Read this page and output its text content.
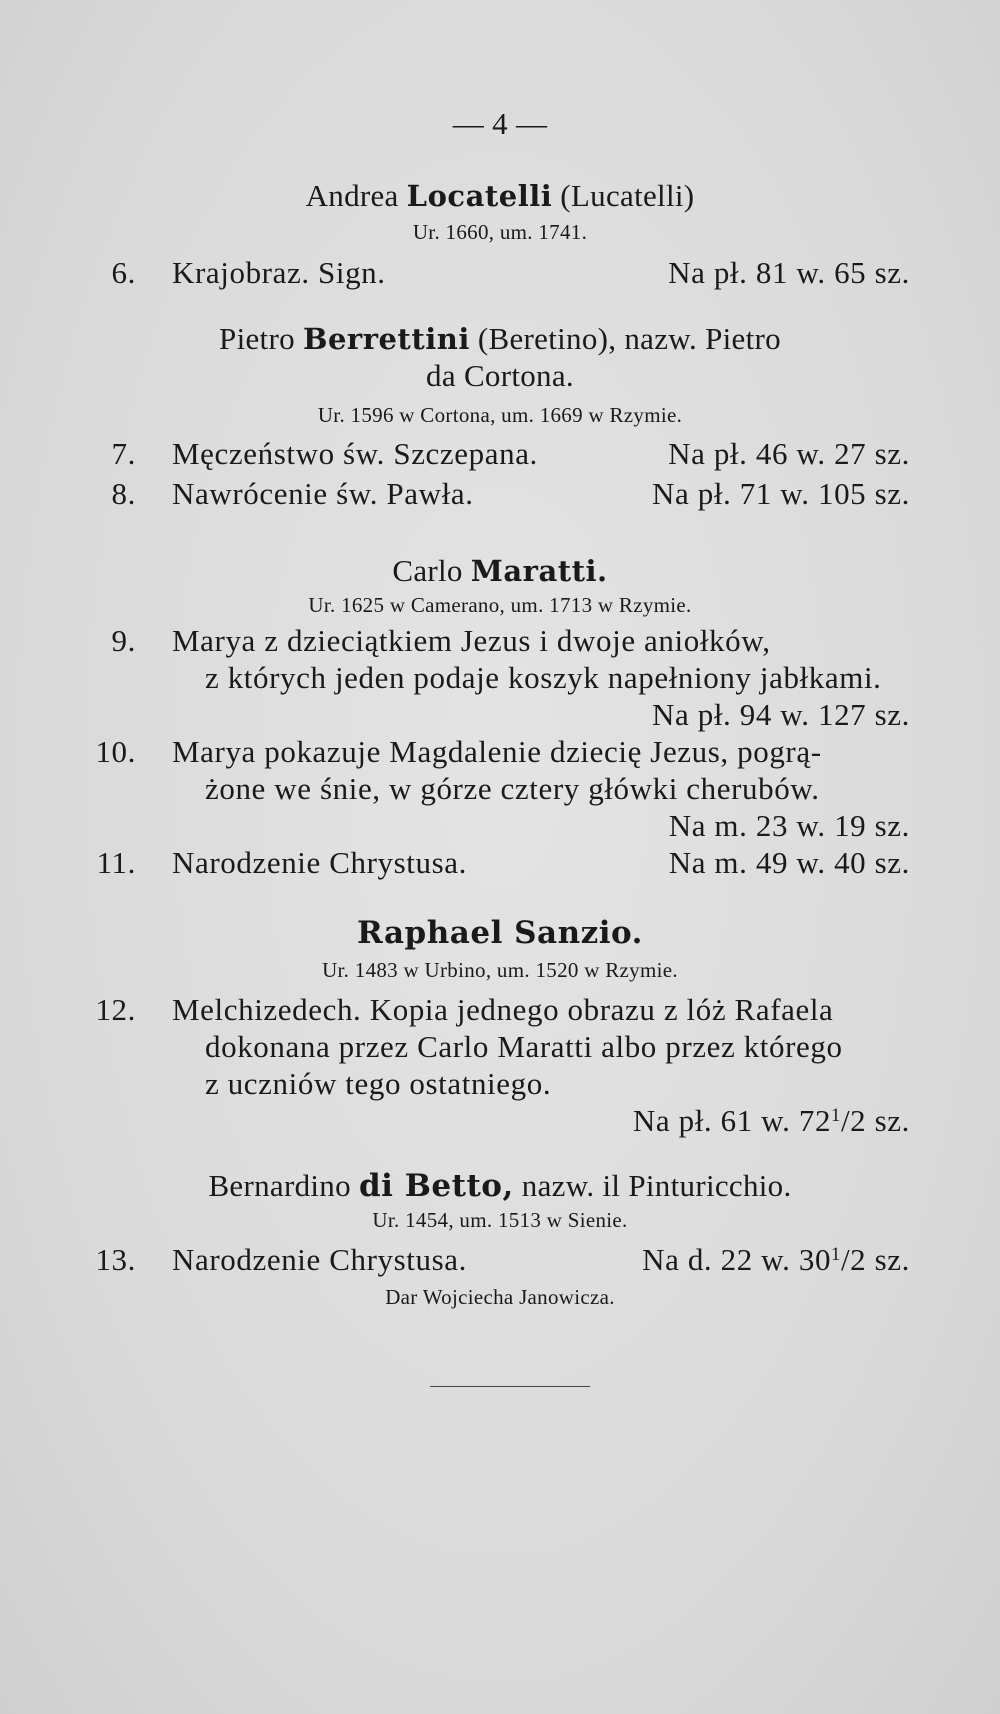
— 4 —
Andrea Locatelli (Lucatelli)
Ur. 1660, um. 1741.
6. Krajobraz. Sign.	Na pł. 81 w. 65 sz.
Pietro Berrettini (Beretino), nazw. Pietro
da Cortona.
Ur. 1596 w Cortona, um. 1669 w Rzymie.
7. Męczeństwo św. Szczepana.	Na pł. 46 w. 27 sz.
8. Nawrócenie św. Pawła.	Na pł. 71 w. 105 sz.
Carlo Maratti.
Ur. 1625 w Camerano, um. 1713 w Rzymie.
9. Marya z dzieciątkiem Jezus i dwoje aniołków,
z których jeden podaje koszyk napełniony jabłkami.
Na pł. 94 w. 127 sz.
10. Marya pokazuje Magdalenie dziecię Jezus, pogrą-
żone we śnie, w górze cztery główki cherubów.
Na m. 23 w. 19 sz.
11. Narodzenie Chrystusa.	Na m. 49 w. 40 sz.
Raphael Sanzio.
Ur. 1483 w Urbino, um. 1520 w Rzymie.
12. Melchizedech. Kopia jednego obrazu z lóż Rafaela
dokonana przez Carlo Maratti albo przez którego
z uczniów tego ostatniego.
Na pł. 61 w. $72^1/2$ sz.
Bernardino di Betto, nazw. il Pinturicchio.
Ur. 1454, um. 1513 w Sienie.
13. Narodzenie Chrystusa.	Na d. 22 w. $30^1/2$ sz.
Dar Wojciecha Janowicza.
